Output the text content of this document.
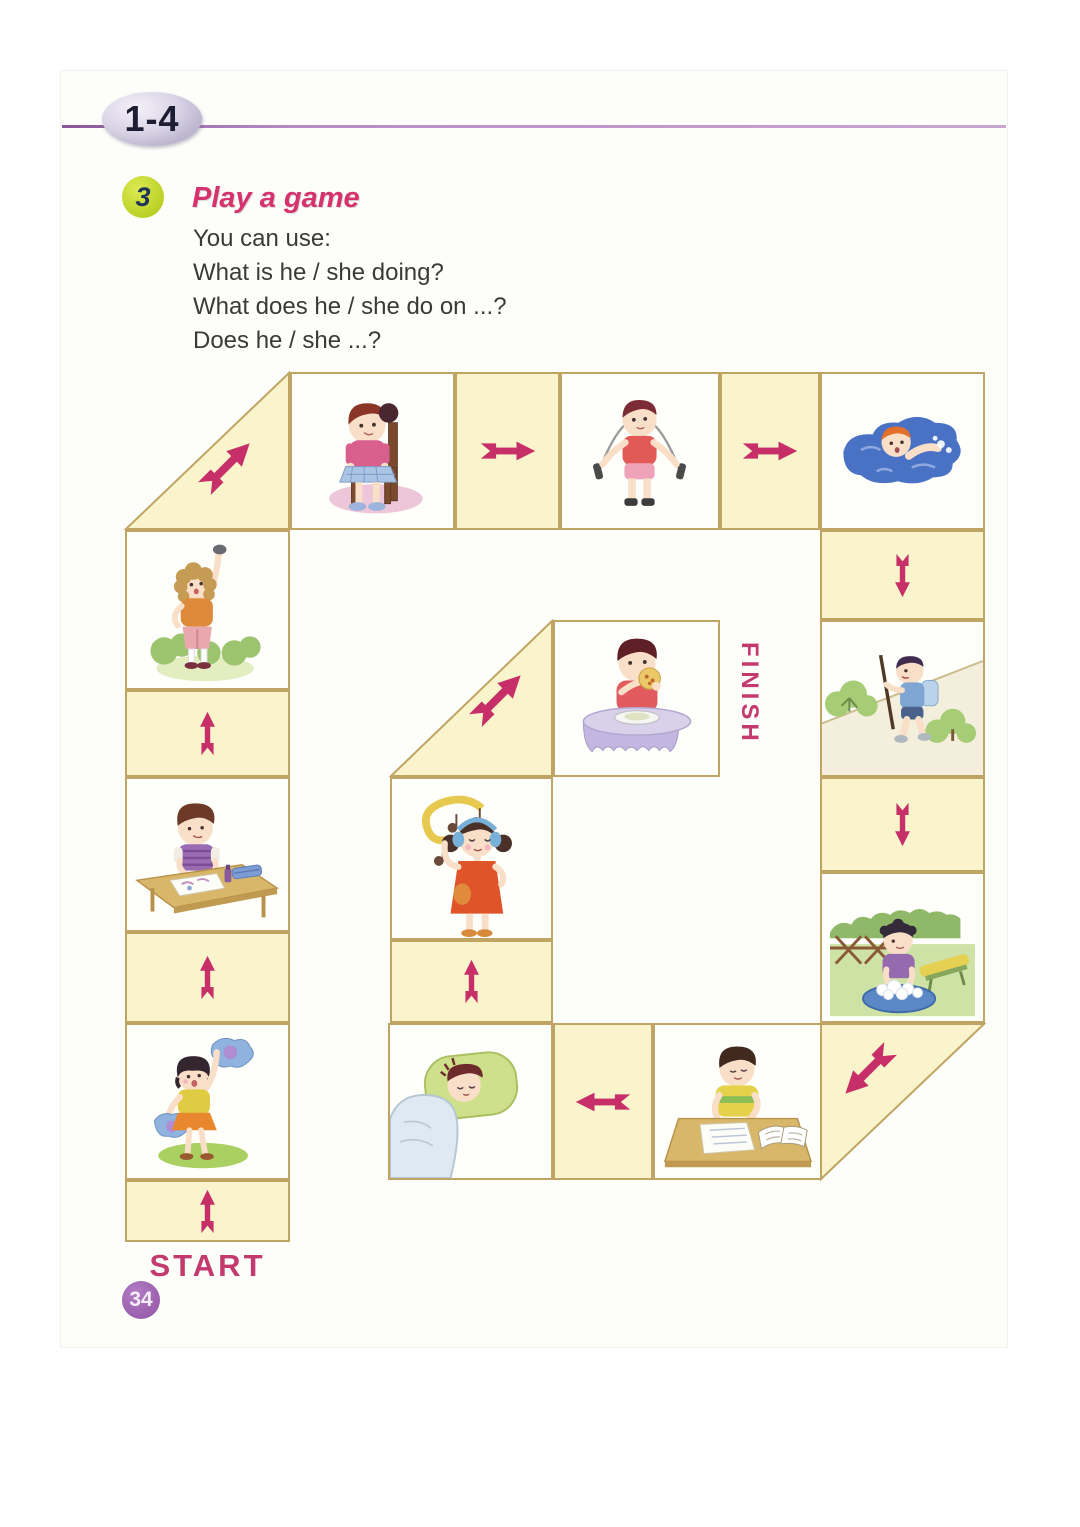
1-4
3 Play a game
You can use:
What is he / she doing?
What does he / she do on ...?
Does he / she ...?
START
FINISH
34
